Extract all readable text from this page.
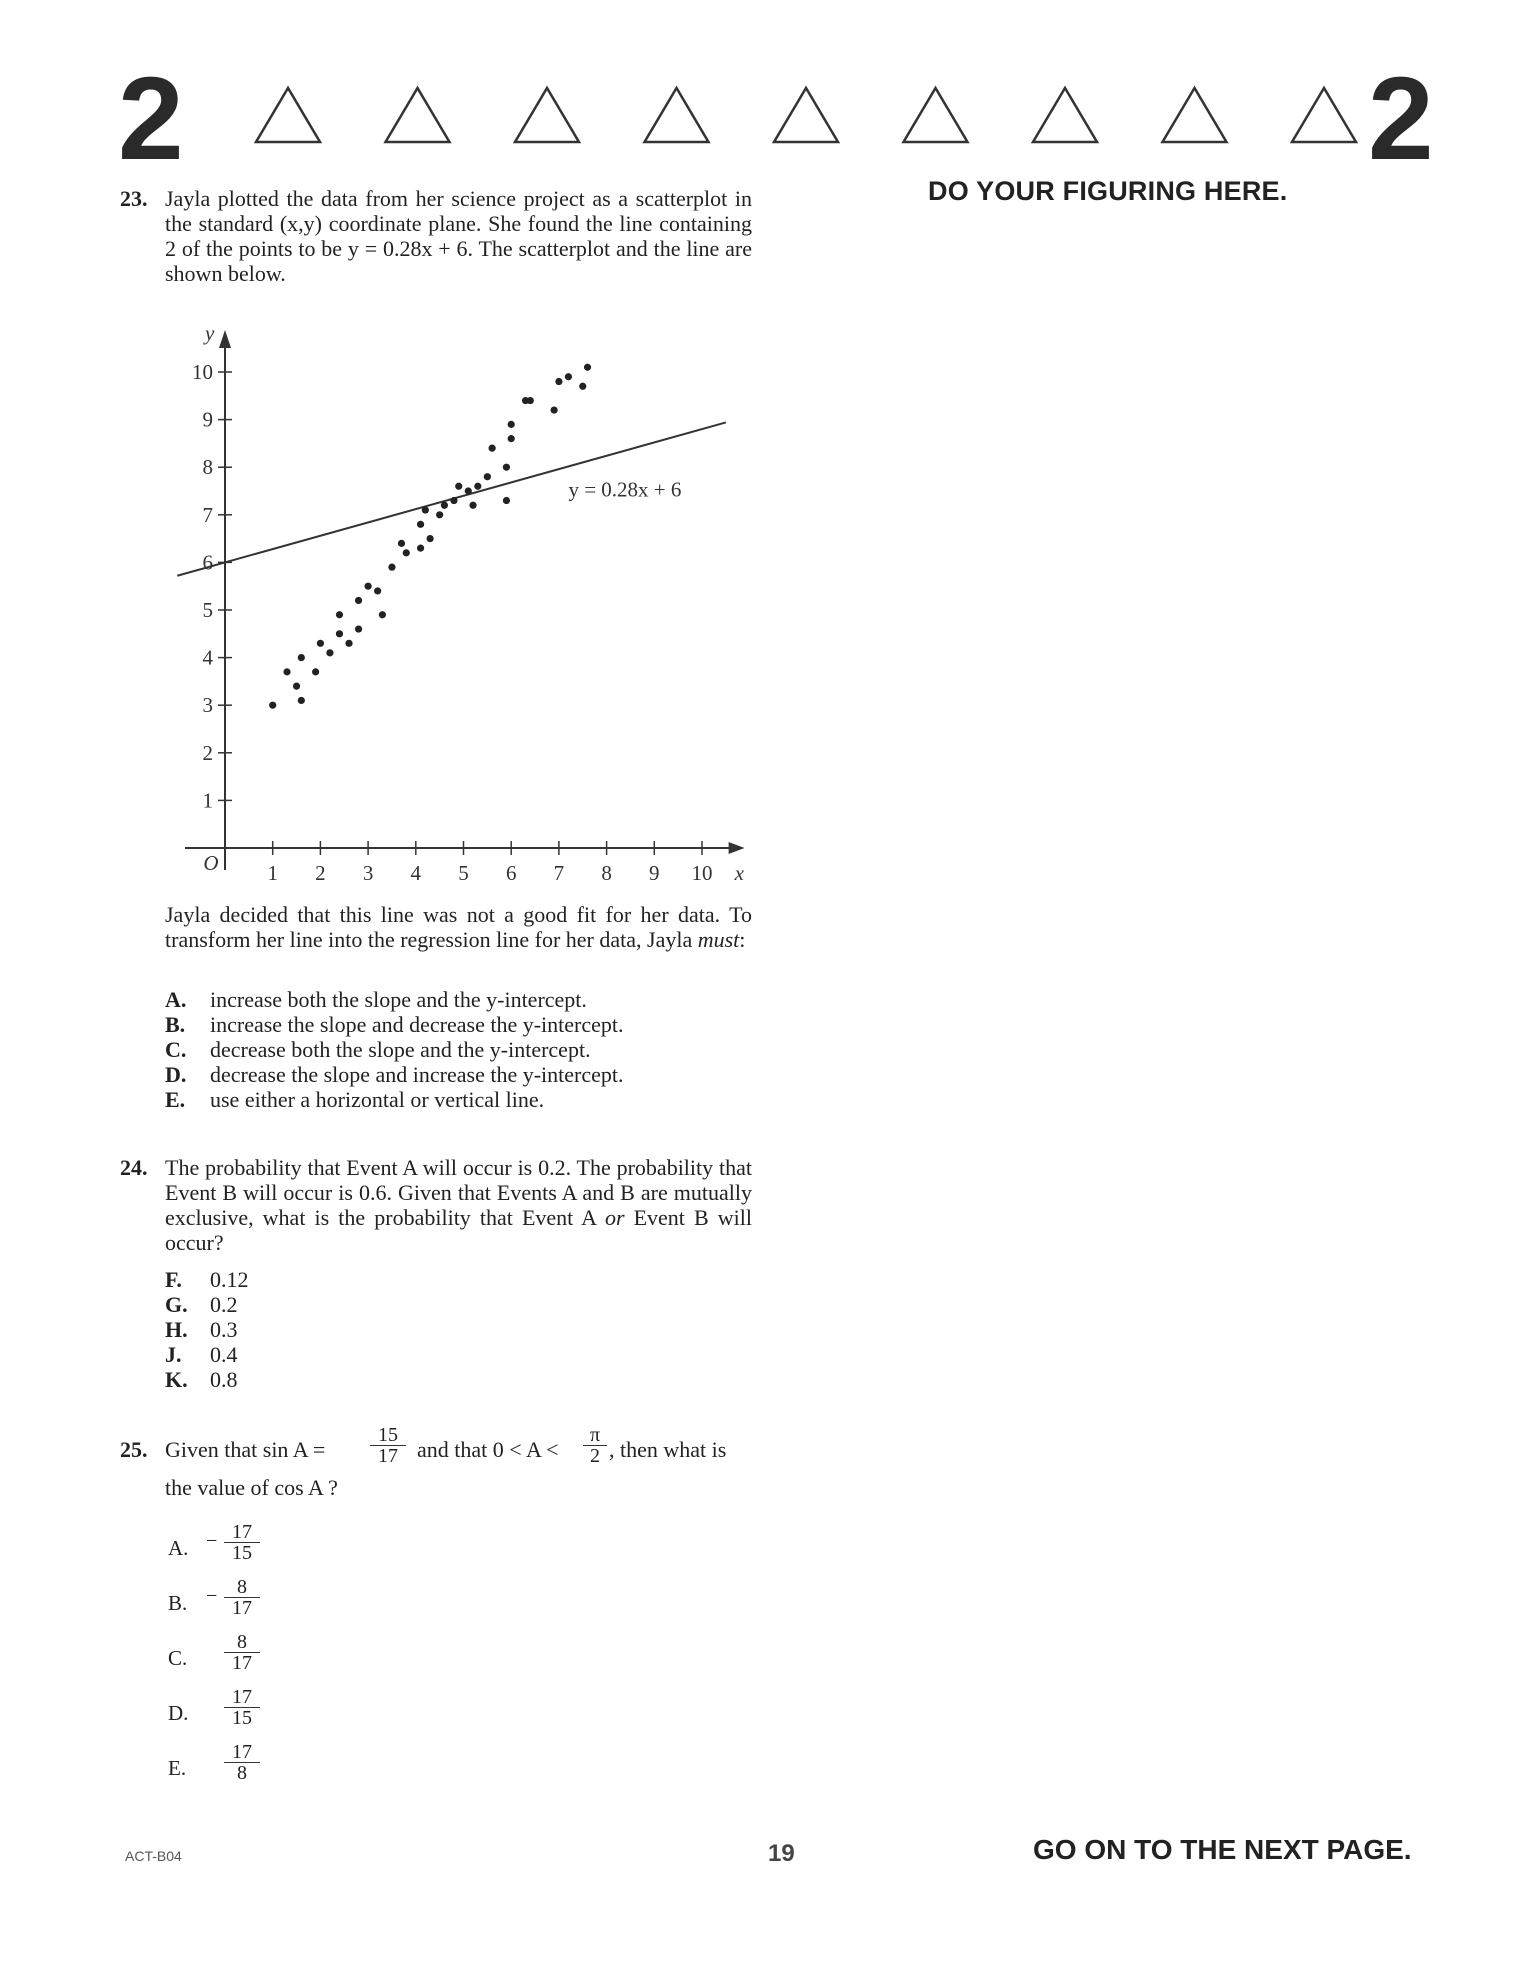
2	2
DO YOUR FIGURING HERE.
23. Jayla plotted the data from her science project as a scatterplot in the standard (x,y) coordinate plane. She found the line containing 2 of the points to be y = 0.28x + 6. The scatterplot and the line are shown below.
1 2 3 4 5 6 7 8 9 10
1
2
3
4
5
6
7
8
9
10
O	x
y
y = 0.28x + 6
Jayla decided that this line was not a good fit for her data. To transform her line into the regression line for her data, Jayla must:
A. increase both the slope and the y-intercept.
B. increase the slope and decrease the y-intercept.
C. decrease both the slope and the y-intercept.
D. decrease the slope and increase the y-intercept.
E. use either a horizontal or vertical line.
24. The probability that Event A will occur is 0.2. The probability that Event B will occur is 0.6. Given that Events A and B are mutually exclusive, what is the probability that Event A or Event B will occur?
F. 0.12
G. 0.2
H. 0.3
J. 0.4
K. 0.8
25. Given that $\sin A = \frac{15}{17}$ and that $0 < A < \frac{\pi}{2}$ , then what is
the value of cos A ?
A. − 17
15
B. − 8
17
C. $\frac{8}{17}$
D. $\frac{17}{15}$
E. $\frac{17}{8}$
ACT-B04	19	GO ON TO THE NEXT PAGE.
